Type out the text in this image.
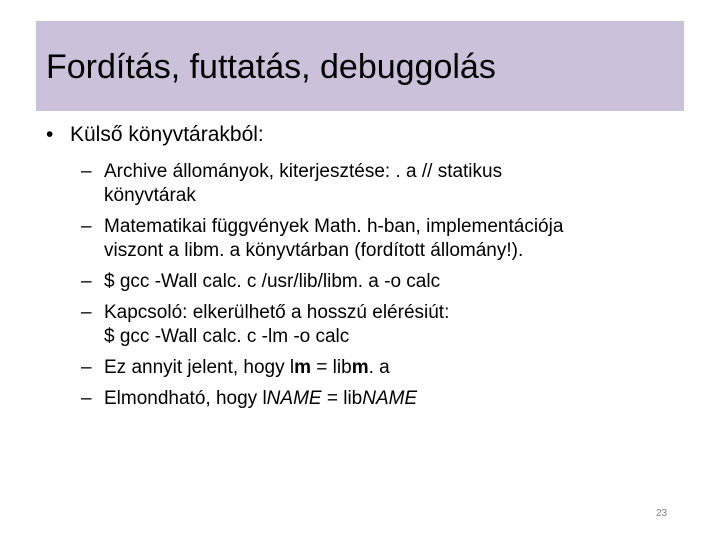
Fordítás, futtatás, debuggolás
• Külső könyvtárakból:
– Archive állományok, kiterjesztése: . a // statikus
könyvtárak
– Matematikai függvények Math. h-ban, implementációja
viszont a libm. a könyvtárban (fordított állomány!).
– $ gcc -Wall calc. c /usr/lib/libm. a -o calc
– Kapcsoló: elkerülhető a hosszú elérésiút:
$ gcc -Wall calc. c -lm -o calc
– Ez annyit jelent, hogy lm = libm. a
– Elmondható, hogy lNAME = libNAME
23
